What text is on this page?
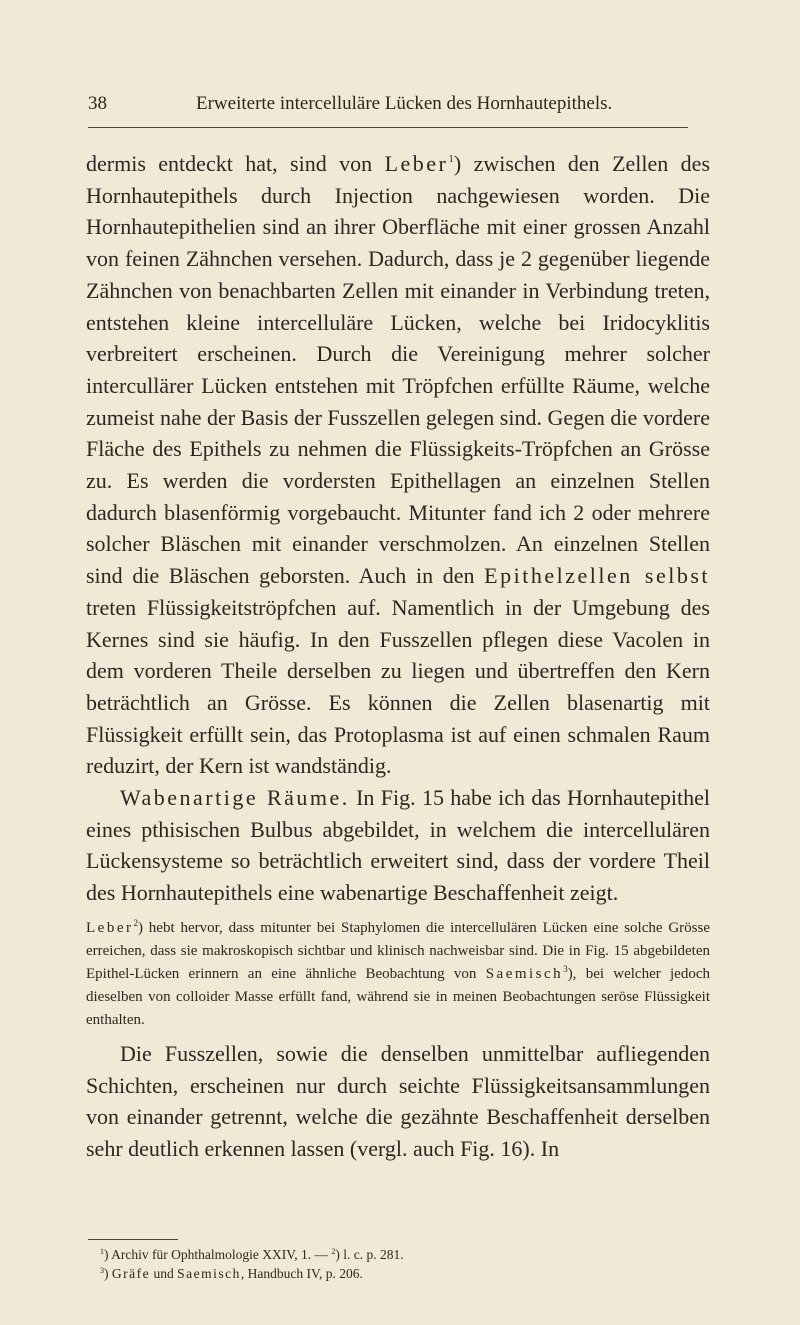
38	Erweiterte intercelluläre Lücken des Hornhautepithels.

dermis entdeckt hat, sind von Leber$^1$) zwischen den Zellen des Hornhautepithels durch Injection nachgewiesen worden. Die Hornhautepithelien sind an ihrer Oberfläche mit einer grossen Anzahl von feinen Zähnchen versehen. Dadurch, dass je 2 gegenüber liegende Zähnchen von benachbarten Zellen mit einander in Verbindung treten, entstehen kleine intercelluläre Lücken, welche bei Iridocyklitis verbreitert erscheinen. Durch die Vereinigung mehrer solcher intercullärer Lücken entstehen mit Tröpfchen erfüllte Räume, welche zumeist nahe der Basis der Fusszellen gelegen sind. Gegen die vordere Fläche des Epithels zu nehmen die Flüssigkeits-Tröpfchen an Grösse zu. Es werden die vordersten Epithellagen an einzelnen Stellen dadurch blasenförmig vorgebaucht. Mitunter fand ich 2 oder mehrere solcher Bläschen mit einander verschmolzen. An einzelnen Stellen sind die Bläschen geborsten. Auch in den Epithelzellen selbst treten Flüssigkeitströpfchen auf. Namentlich in der Umgebung des Kernes sind sie häufig. In den Fusszellen pflegen diese Vacolen in dem vorderen Theile derselben zu liegen und übertreffen den Kern beträchtlich an Grösse. Es können die Zellen blasenartig mit Flüssigkeit erfüllt sein, das Protoplasma ist auf einen schmalen Raum reduzirt, der Kern ist wandständig.

Wabenartige Räume. In Fig. 15 habe ich das Hornhautepithel eines pthisischen Bulbus abgebildet, in welchem die intercellulären Lückensysteme so beträchtlich erweitert sind, dass der vordere Theil des Hornhautepithels eine wabenartige Beschaffenheit zeigt.

Leber$^2$) hebt hervor, dass mitunter bei Staphylomen die intercellulären Lücken eine solche Grösse erreichen, dass sie makroskopisch sichtbar und klinisch nachweisbar sind. Die in Fig. 15 abgebildeten Epithel-Lücken erinnern an eine ähnliche Beobachtung von Saemisch$^3$), bei welcher jedoch dieselben von colloider Masse erfüllt fand, während sie in meinen Beobachtungen seröse Flüssigkeit enthalten.

Die Fusszellen, sowie die denselben unmittelbar aufliegenden Schichten, erscheinen nur durch seichte Flüssigkeitsansammlungen von einander getrennt, welche die gezähnte Beschaffenheit derselben sehr deutlich erkennen lassen (vergl. auch Fig. 16). In

$^1$) Archiv für Ophthalmologie XXIV, 1. — $^2$) l. c. p. 281.
$^3$) Gräfe und Saemisch, Handbuch IV, p. 206.
